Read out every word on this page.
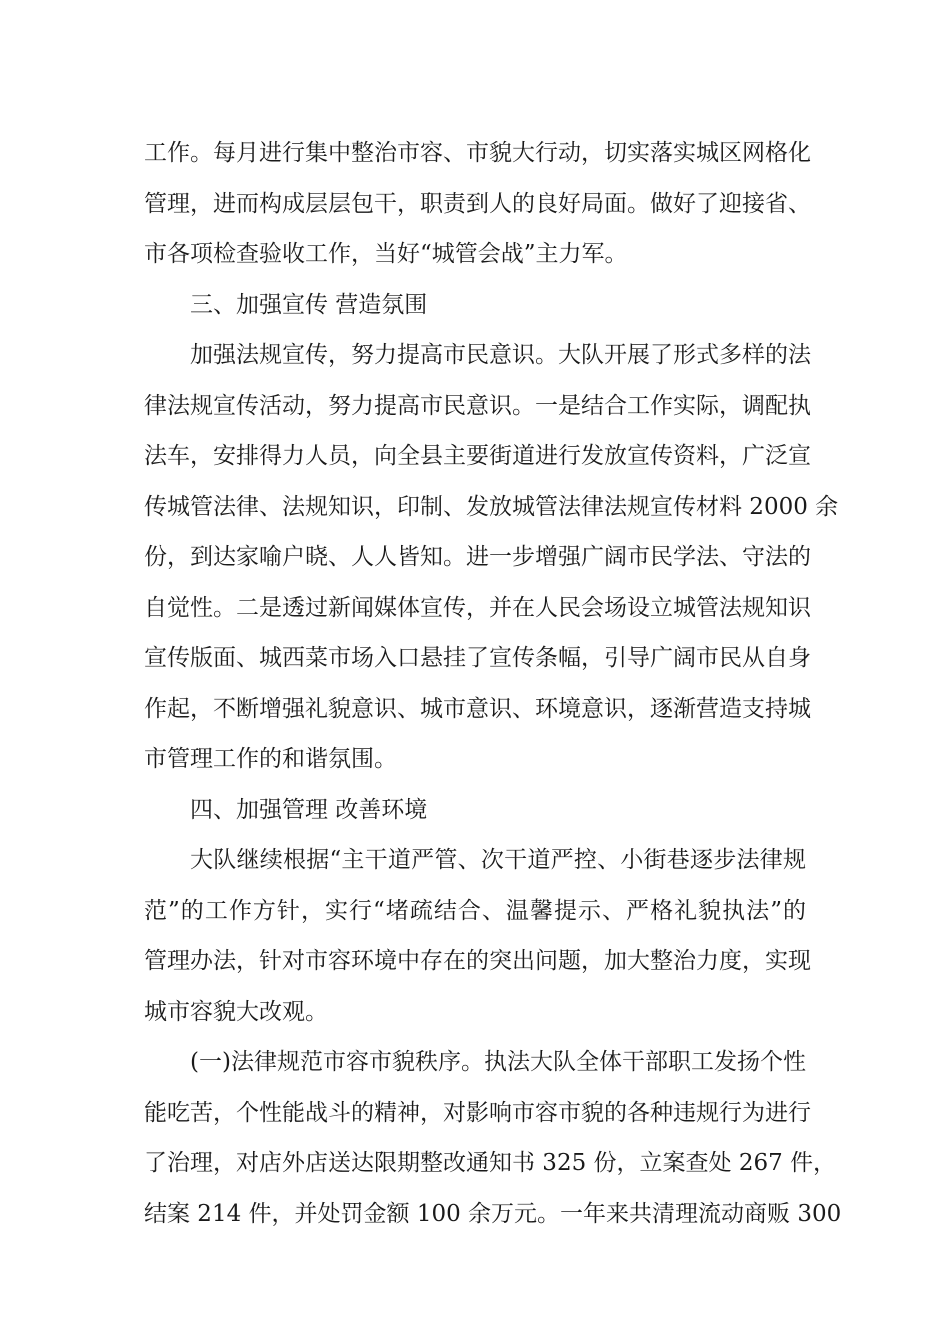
工作。每月进行集中整治市容、市貌大行动，切实落实城区网格化
管理，进而构成层层包干，职责到人的良好局面。做好了迎接省、
市各项检查验收工作，当好“城管会战”主力军。
三、加强宣传 营造氛围
加强法规宣传，努力提高市民意识。大队开展了形式多样的法
律法规宣传活动，努力提高市民意识。一是结合工作实际，调配执
法车，安排得力人员，向全县主要街道进行发放宣传资料，广泛宣
传城管法律、法规知识，印制、发放城管法律法规宣传材料 2000 余
份，到达家喻户晓、人人皆知。进一步增强广阔市民学法、守法的
自觉性。二是透过新闻媒体宣传，并在人民会场设立城管法规知识
宣传版面、城西菜市场入口悬挂了宣传条幅，引导广阔市民从自身
作起，不断增强礼貌意识、城市意识、环境意识，逐渐营造支持城
市管理工作的和谐氛围。
四、加强管理 改善环境
大队继续根据“主干道严管、次干道严控、小街巷逐步法律规
范”的工作方针，实行“堵疏结合、温馨提示、严格礼貌执法”的
管理办法，针对市容环境中存在的突出问题，加大整治力度，实现
城市容貌大改观。
(一)法律规范市容市貌秩序。执法大队全体干部职工发扬个性
能吃苦，个性能战斗的精神，对影响市容市貌的各种违规行为进行
了治理，对店外店送达限期整改通知书 325 份，立案查处 267 件，
结案 214 件，并处罚金额 100 余万元。一年来共清理流动商贩 300
